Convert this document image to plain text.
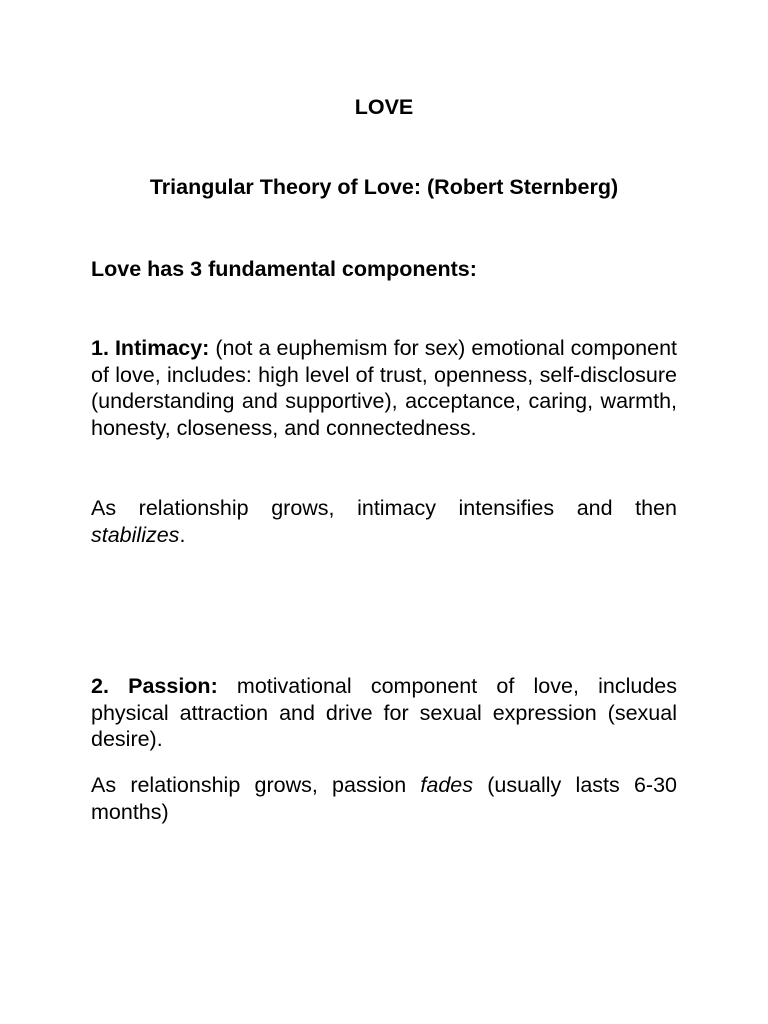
LOVE
Triangular Theory of Love: (Robert Sternberg)
Love has 3 fundamental components:
1. Intimacy: (not a euphemism for sex) emotional component of love, includes: high level of trust, openness, self-disclosure (understanding and supportive), acceptance, caring, warmth, honesty, closeness, and connectedness.
As relationship grows, intimacy intensifies and then stabilizes.
2. Passion: motivational component of love, includes physical attraction and drive for sexual expression (sexual desire).
As relationship grows, passion fades (usually lasts 6-30 months)
